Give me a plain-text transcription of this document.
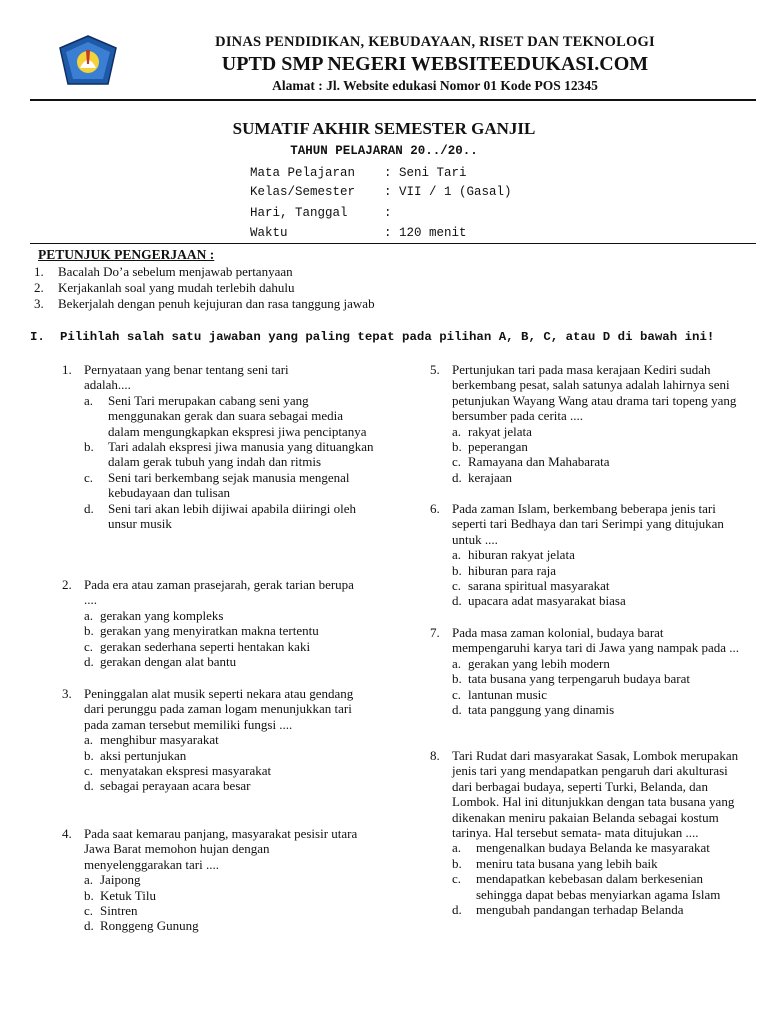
DINAS PENDIDIKAN, KEBUDAYAAN, RISET DAN TEKNOLOGI
UPTD SMP NEGERI WEBSITEEDUKASI.COM
Alamat : Jl. Website edukasi Nomor 01 Kode POS 12345
SUMATIF AKHIR SEMESTER GANJIL
TAHUN PELAJARAN 20../20..
Mata Pelajaran : Seni Tari
Kelas/Semester : VII / 1 (Gasal)
Hari, Tanggal	:
Waktu	: 120 menit
PETUNJUK PENGERJAAN :
1. Bacalah Do’a sebelum menjawab pertanyaan
2. Kerjakanlah soal yang mudah terlebih dahulu
3. Bekerjalah dengan penuh kejujuran dan rasa tanggung jawab
I. Pilihlah salah satu jawaban yang paling tepat pada pilihan A, B, C, atau D di bawah ini!
1. Pernyataan yang benar tentang seni tari adalah....
a. Seni Tari merupakan cabang seni yang menggunakan gerak dan suara sebagai media dalam mengungkapkan ekspresi jiwa penciptanya
b. Tari adalah ekspresi jiwa manusia yang dituangkan dalam gerak tubuh yang indah dan ritmis
c. Seni tari berkembang sejak manusia mengenal kebudayaan dan tulisan
d. Seni tari akan lebih dijiwai apabila diiringi oleh unsur musik
2. Pada era atau zaman prasejarah, gerak tarian berupa ....
a. gerakan yang kompleks
b. gerakan yang menyiratkan makna tertentu
c. gerakan sederhana seperti hentakan kaki
d. gerakan dengan alat bantu
3. Peninggalan alat musik seperti nekara atau gendang dari perunggu pada zaman logam menunjukkan tari pada zaman tersebut memiliki fungsi ....
a. menghibur masyarakat
b. aksi pertunjukan
c. menyatakan ekspresi masyarakat
d. sebagai perayaan acara besar
4. Pada saat kemarau panjang, masyarakat pesisir utara Jawa Barat memohon hujan dengan menyelenggarakan tari ....
a. Jaipong
b. Ketuk Tilu
c. Sintren
d. Ronggeng Gunung
5. Pertunjukan tari pada masa kerajaan Kediri sudah berkembang pesat, salah satunya adalah lahirnya seni petunjukan Wayang Wang atau drama tari topeng yang bersumber pada cerita ....
a. rakyat jelata
b. peperangan
c. Ramayana dan Mahabarata
d. kerajaan
6. Pada zaman Islam, berkembang beberapa jenis tari seperti tari Bedhaya dan tari Serimpi yang ditujukan untuk ....
a. hiburan rakyat jelata
b. hiburan para raja
c. sarana spiritual masyarakat
d. upacara adat masyarakat biasa
7. Pada masa zaman kolonial, budaya barat mempengaruhi karya tari di Jawa yang nampak pada ...
a. gerakan yang lebih modern
b. tata busana yang terpengaruh budaya barat
c. lantunan music
d. tata panggung yang dinamis
8. Tari Rudat dari masyarakat Sasak, Lombok merupakan jenis tari yang mendapatkan pengaruh dari akulturasi dari berbagai budaya, seperti Turki, Belanda, dan Lombok. Hal ini ditunjukkan dengan tata busana yang dikenakan meniru pakaian Belanda sebagai kostum tarinya. Hal tersebut semata- mata ditujukan ....
a. mengenalkan budaya Belanda ke masyarakat
b. meniru tata busana yang lebih baik
c. mendapatkan kebebasan dalam berkesenian sehingga dapat bebas menyiarkan agama Islam
d. mengubah pandangan terhadap Belanda
